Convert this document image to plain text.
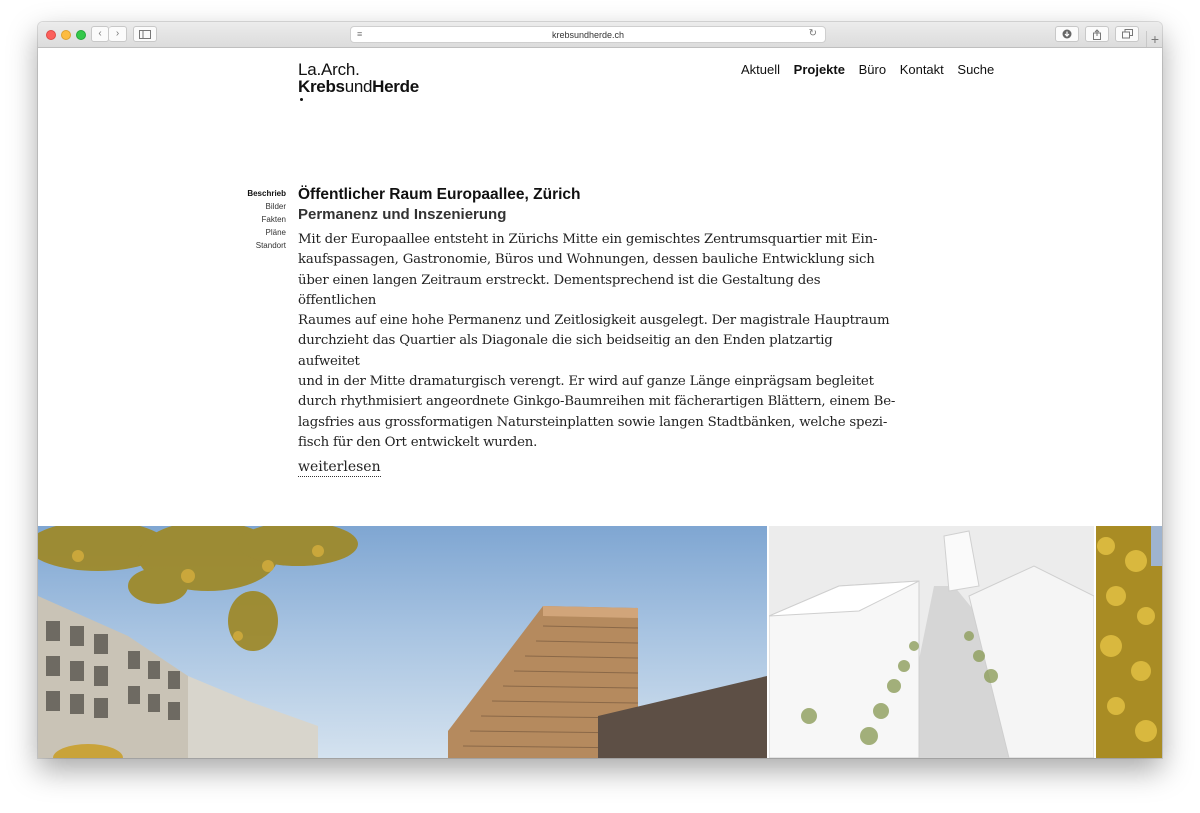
‹	›	≡	krebsundherde.ch	↻	+
La.Arch.
KrebsundHerde
Aktuell Projekte Büro Kontakt Suche
Beschrieb
Bilder
Fakten
Pläne
Standort
Öffentlicher Raum Europaallee, Zürich
Permanenz und Inszenierung

Mit der Europaallee entsteht in Zürichs Mitte ein gemischtes Zentrumsquartier mit Ein-
kaufspassagen, Gastronomie, Büros und Wohnungen, dessen bauliche Entwicklung sich
über einen langen Zeitraum erstreckt. Dementsprechend ist die Gestaltung des öffentlichen
Raumes auf eine hohe Permanenz und Zeitlosigkeit ausgelegt. Der magistrale Hauptraum
durchzieht das Quartier als Diagonale die sich beidseitig an den Enden platzartig aufweitet
und in der Mitte dramaturgisch verengt. Er wird auf ganze Länge einprägsam begleitet
durch rhythmisiert angeordnete Ginkgo-Baumreihen mit fächerartigen Blättern, einem Be-
lagsfries aus grossformatigen Natursteinplatten sowie langen Stadtbänken, welche spezi-
fisch für den Ort entwickelt wurden.

weiterlesen
